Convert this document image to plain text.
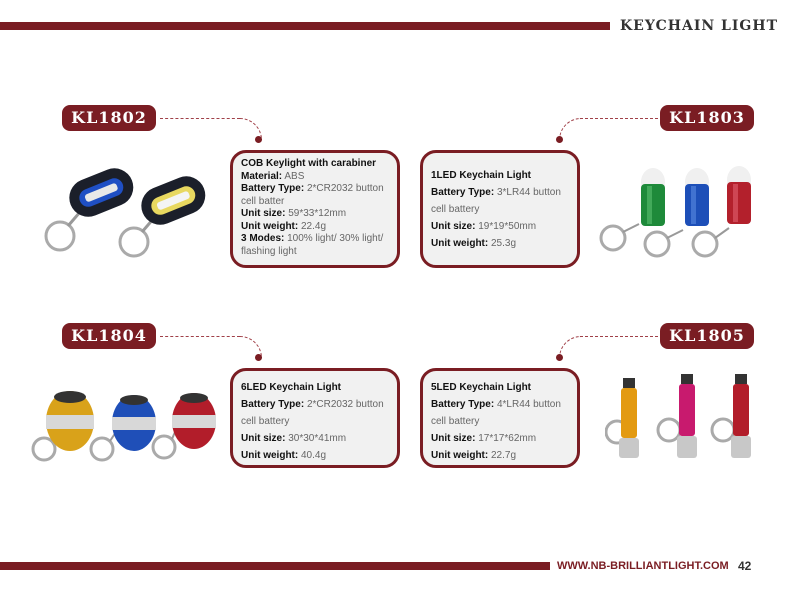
KEYCHAIN LIGHT
KL1802

COB Keylight with carabiner

Material: ABS

Battery Type: 2*CR2032 button cell batter

Unit size: 59*33*12mm

Unit weight: 22.4g

3 Modes: 100% light/ 30% light/ flashing light

KL1803

1LED Keychain Light

Battery Type: 3*LR44 button cell battery

Unit size: 19*19*50mm

Unit weight: 25.3g

KL1804

6LED Keychain Light

Battery Type: 2*CR2032 button cell battery

Unit size: 30*30*41mm

Unit weight: 40.4g

KL1805

5LED Keychain Light

Battery Type: 4*LR44 button cell battery

Unit size: 17*17*62mm

Unit weight: 22.7g

WWW.NB-BRILLIANTLIGHT.COM 42
